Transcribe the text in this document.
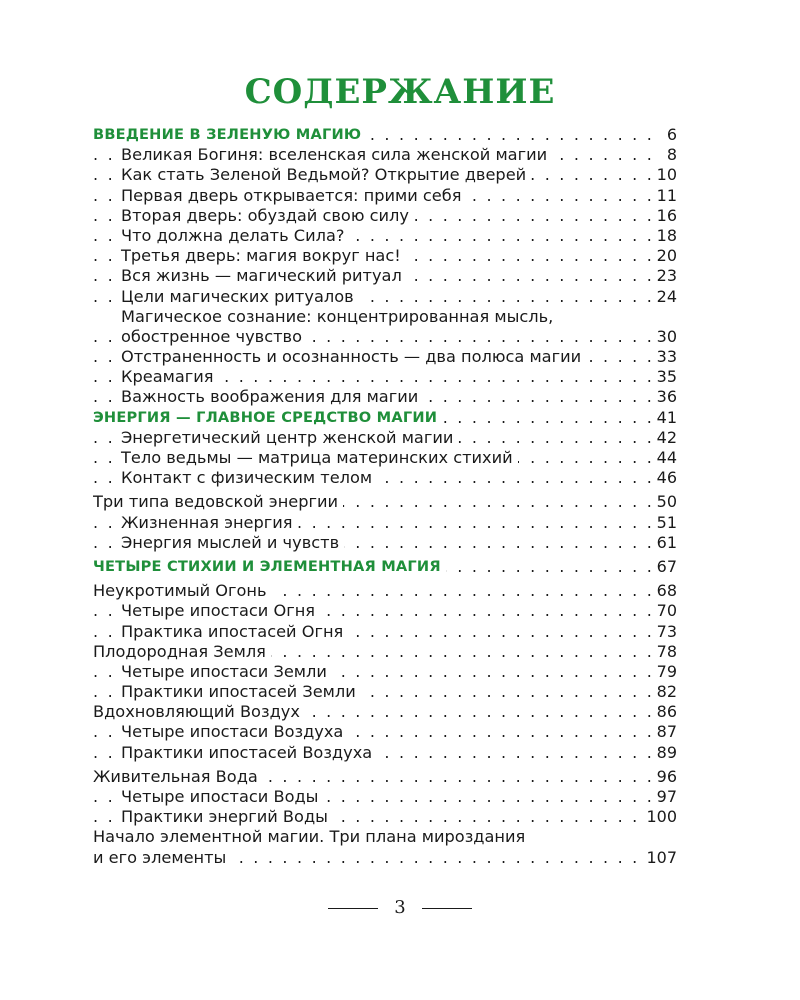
СОДЕРЖАНИЕ
ВВЕДЕНИЕ В ЗЕЛЕНУЮ МАГИЮ	6
. . .
Великая Богиня: вселенская сила женской магии	8
. . .
Как стать Зеленой Ведьмой? Открытие дверей	10
. . .
Первая дверь открывается: прими себя	11
. . .
Вторая дверь: обуздай свою силу	16
. . .
Что должна делать Сила?	18
. . .
Третья дверь: магия вокруг нас!	20
. . .
Вся жизнь — магический ритуал	23
. . .
Цели магических ритуалов	24
. . .
Магическое сознание: концентрированная мысль,
обостренное чувство	30
. . .
Отстраненность и осознанность — два полюса магии	33
. . .
Креамагия	35
. . .
Важность воображения для магии	36
. . .
ЭНЕРГИЯ — ГЛАВНОЕ СРЕДСТВО МАГИИ	41
. . .
Энергетический центр женской магии	42
. . .
Тело ведьмы — матрица материнских стихий	44
. . .
Контакт с физическим телом	46
. . .
Три типа ведовской энергии	50
. . .
Жизненная энергия	51
. . .
Энергия мыслей и чувств	61
. . .
ЧЕТЫРЕ СТИХИИ И ЭЛЕМЕНТНАЯ МАГИЯ	67
. . .
Неукротимый Огонь	68
. . .
Четыре ипостаси Огня	70
. . .
Практика ипостасей Огня	73
. . .
Плодородная Земля	78
. . .
Четыре ипостаси Земли	79
. . .
Практики ипостасей Земли	82
. . .
Вдохновляющий Воздух	86
. . .
Четыре ипостаси Воздуха	87
. . .
Практики ипостасей Воздуха	89
. . .
Живительная Вода	96
. . .
Четыре ипостаси Воды	97
. . .
Практики энергий Воды	100
. . .
Начало элементной магии. Три плана мироздания
и его элементы	107
. . .
3
